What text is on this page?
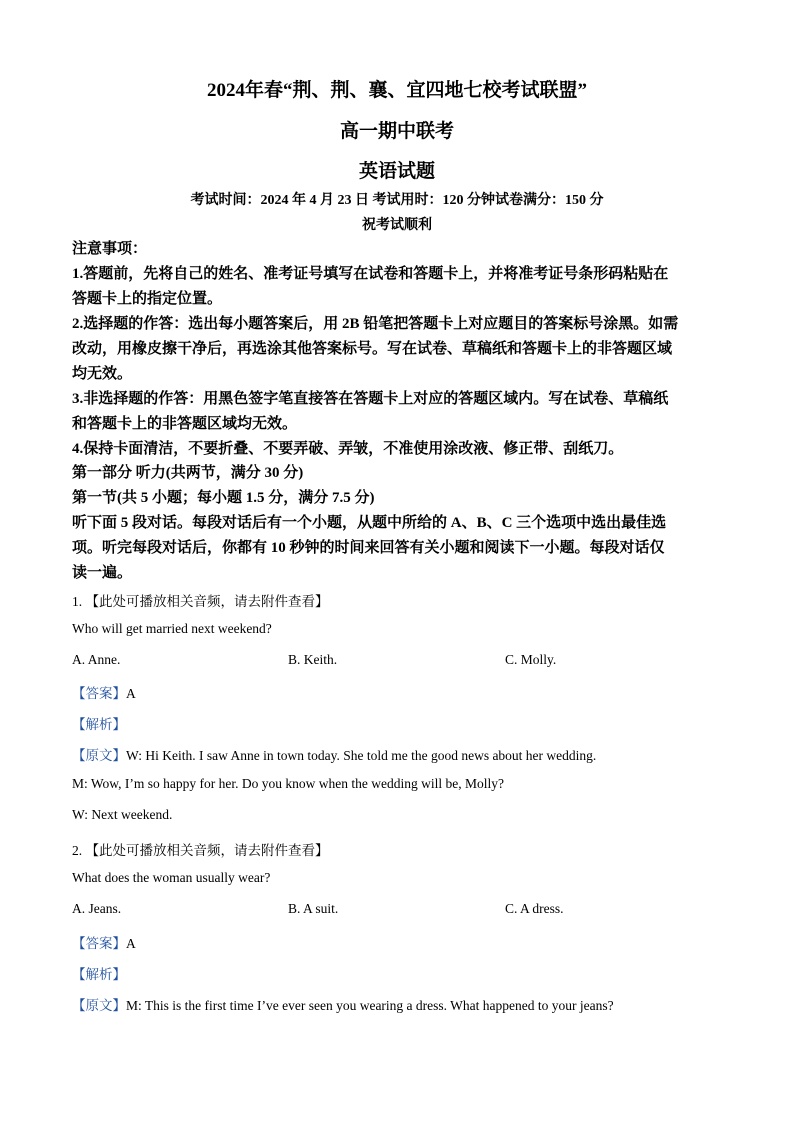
2024年春“荆、荆、襄、宜四地七校考试联盟”
高一期中联考
英语试题
考试时间：2024 年 4 月 23 日 考试用时：120 分钟试卷满分：150 分
祝考试顺利
注意事项：
1.答题前，先将自己的姓名、准考证号填写在试卷和答题卡上，并将准考证号条形码粘贴在
答题卡上的指定位置。
2.选择题的作答：选出每小题答案后，用 2B 铅笔把答题卡上对应题目的答案标号涂黑。如需
改动，用橡皮擦干净后，再选涂其他答案标号。写在试卷、草稿纸和答题卡上的非答题区域
均无效。
3.非选择题的作答：用黑色签字笔直接答在答题卡上对应的答题区域内。写在试卷、草稿纸
和答题卡上的非答题区域均无效。
4.保持卡面清洁，不要折叠、不要弄破、弄皱，不准使用涂改液、修正带、刮纸刀。
第一部分 听力(共两节，满分 30 分)
第一节(共 5 小题；每小题 1.5 分，满分 7.5 分)
听下面 5 段对话。每段对话后有一个小题，从题中所给的 A、B、C 三个选项中选出最佳选
项。听完每段对话后，你都有 10 秒钟的时间来回答有关小题和阅读下一小题。每段对话仅
读一遍。
1. 【此处可播放相关音频，请去附件查看】
Who will get married next weekend?
A. Anne.	B. Keith.	C. Molly.
【答案】A
【解析】
【原文】W: Hi Keith. I saw Anne in town today. She told me the good news about her wedding.
M: Wow, I’m so happy for her. Do you know when the wedding will be, Molly?
W: Next weekend.
2. 【此处可播放相关音频，请去附件查看】
What does the woman usually wear?
A. Jeans.	B. A suit.	C. A dress.
【答案】A
【解析】
【原文】M: This is the first time I’ve ever seen you wearing a dress. What happened to your jeans?
